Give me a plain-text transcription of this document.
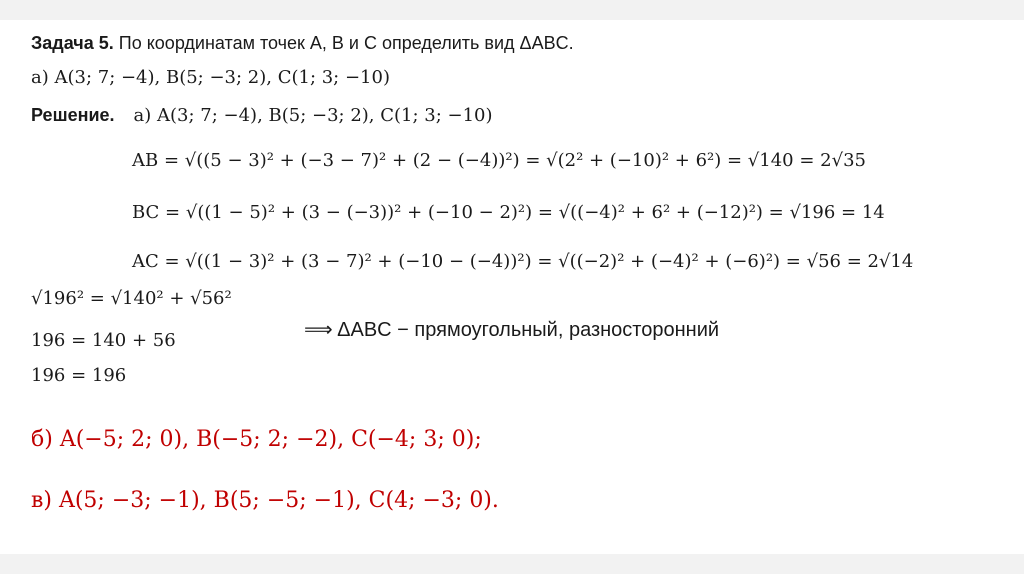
Задача 5. По координатам точек A, B и C определить вид ΔABC.
а) A(3; 7; −4), B(5; −3; 2), C(1; 3; −10)
Решение. а) A(3; 7; −4), B(5; −3; 2), C(1; 3; −10)
AB = √((5 − 3)² + (−3 − 7)² + (2 − (−4))²) = √(2² + (−10)² + 6²) = √140 = 2√35
BC = √((1 − 5)² + (3 − (−3))² + (−10 − 2)²) = √((−4)² + 6² + (−12)²) = √196 = 14
AC = √((1 − 3)² + (3 − 7)² + (−10 − (−4))²) = √((−2)² + (−4)² + (−6)²) = √56 = 2√14
√196² = √140² + √56²
196 = 140 + 56
196 = 196
⟹ ΔABC − прямоугольный, разносторонний
б) A(−5; 2; 0), B(−5; 2; −2), C(−4; 3; 0);
в) A(5; −3; −1), B(5; −5; −1), C(4; −3; 0).
